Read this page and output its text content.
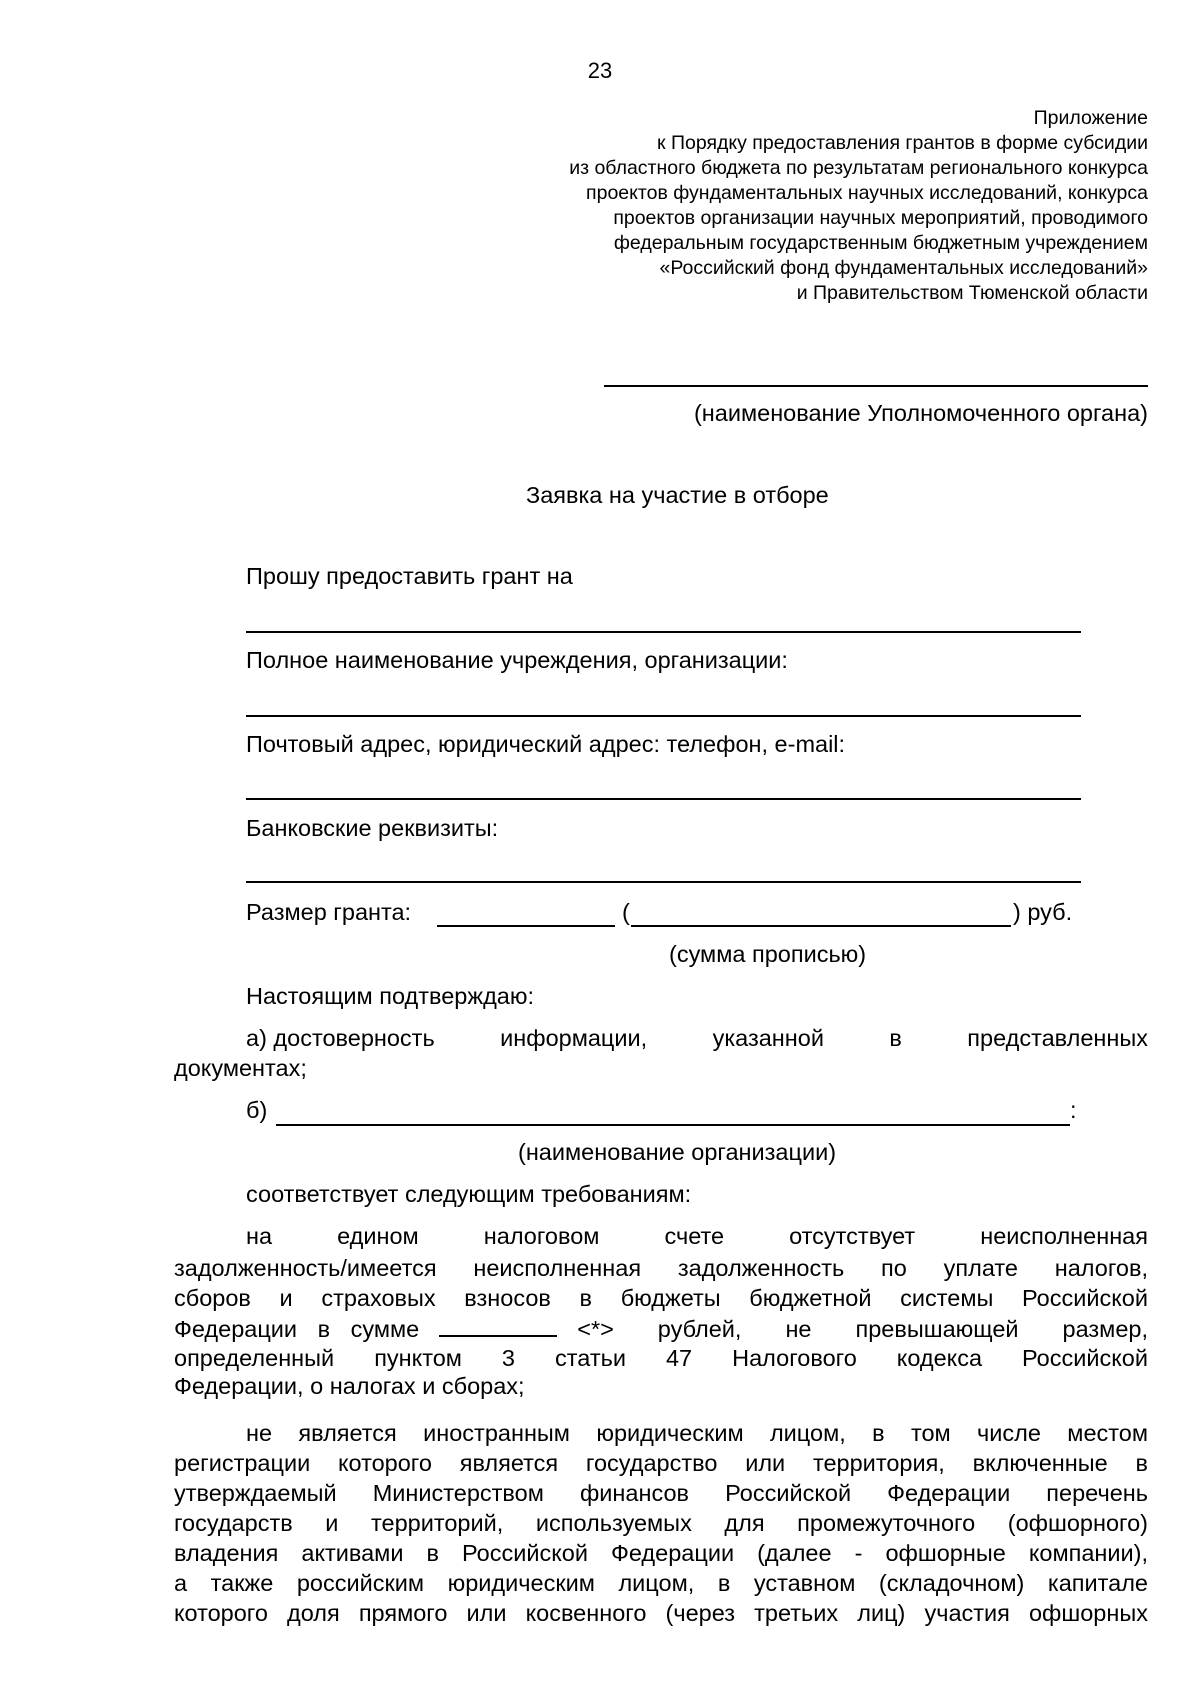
23
Приложение
к Порядку предоставления грантов в форме субсидии
из областного бюджета по результатам регионального конкурса
проектов фундаментальных научных исследований, конкурса
проектов организации научных мероприятий, проводимого
федеральным государственным бюджетным учреждением
«Российский фонд фундаментальных исследований»
и Правительством Тюменской области
(наименование Уполномоченного органа)
Заявка на участие в отборе
Прошу предоставить грант на
Полное наименование учреждения, организации:
Почтовый адрес, юридический адрес: телефон, e-mail:
Банковские реквизиты:
Размер гранта:	(	) руб.
(сумма прописью)
Настоящим подтверждаю:
а) достоверность	информации,	указанной	в	представленных
документах;
б)	:
(наименование организации)
соответствует следующим требованиям:
на	едином	налоговом	счете	отсутствует	неисполненная
задолженность/имеется неисполненная задолженность по уплате налогов,
сборов и страховых взносов в бюджеты бюджетной системы Российской
Федерации в сумме	<*> рублей, не превышающей размер,
определенный пунктом 3 статьи 47 Налогового кодекса Российской
Федерации, о налогах и сборах;
не является иностранным юридическим лицом, в том числе местом
регистрации которого является государство или территория, включенные в
утверждаемый Министерством финансов Российской Федерации перечень
государств и территорий, используемых для промежуточного (офшорного)
владения активами в Российской Федерации (далее - офшорные компании),
а также российским юридическим лицом, в уставном (складочном) капитале
которого доля прямого или косвенного (через третьих лиц) участия офшорных
